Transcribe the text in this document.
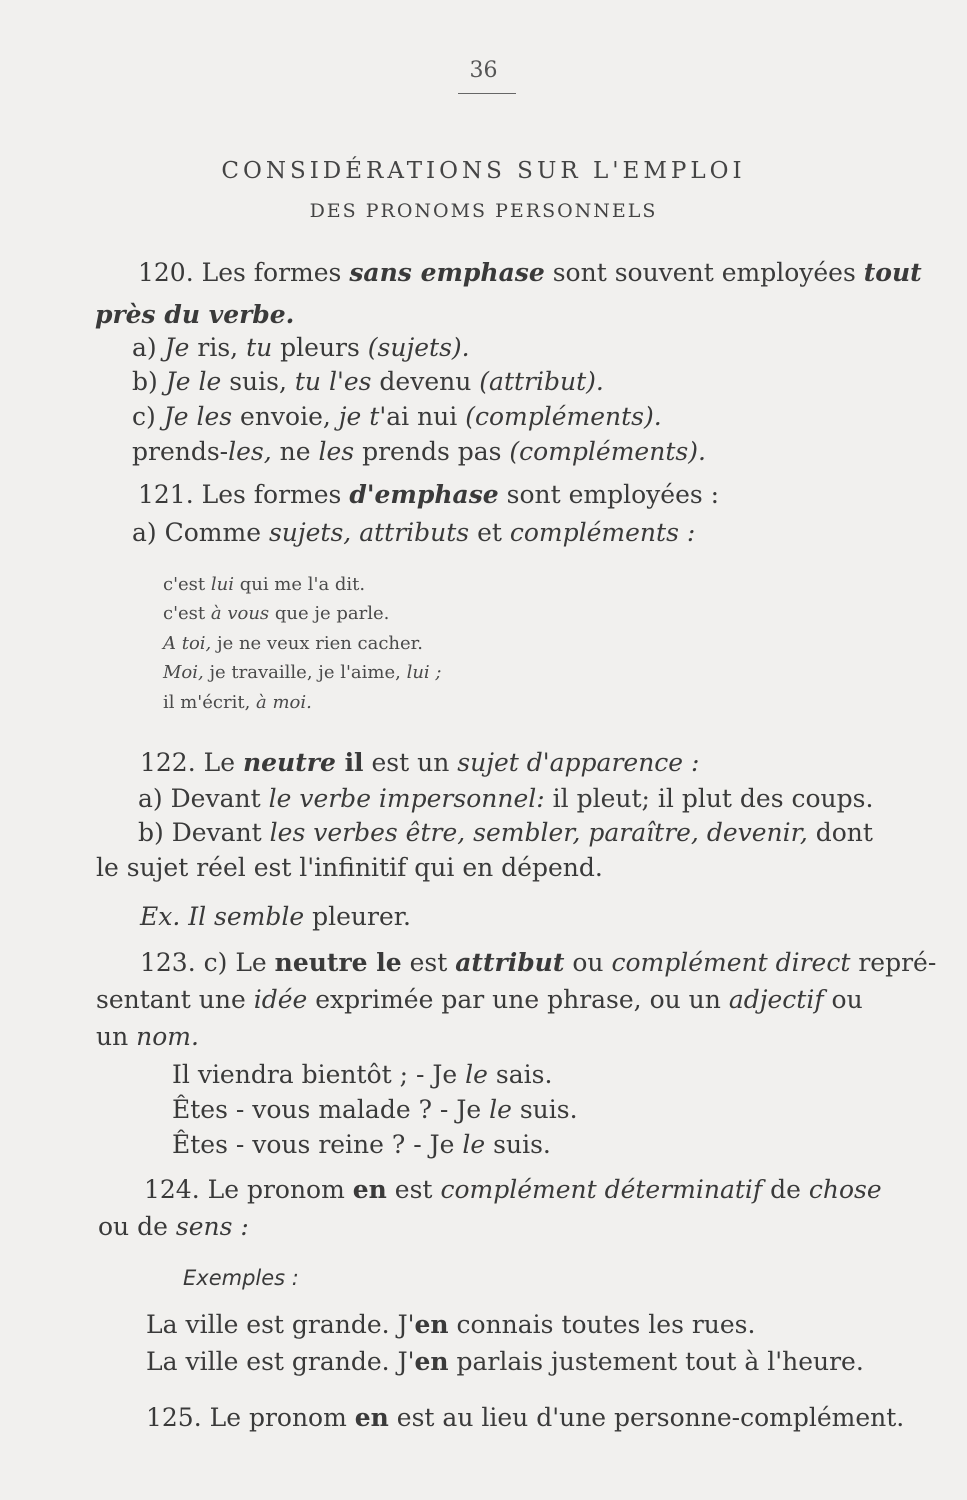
36
CONSIDÉRATIONS SUR L'EMPLOI
DES PRONOMS PERSONNELS
120. Les formes sans emphase sont souvent employées tout
près du verbe.
a) Je ris, tu pleurs (sujets).
b) Je le suis, tu l'es devenu (attribut).
c) Je les envoie, je t'ai nui (compléments).
prends-les, ne les prends pas (compléments).
121. Les formes d'emphase sont employées :
a) Comme sujets, attributs et compléments :
c'est lui qui me l'a dit.
c'est à vous que je parle.
A toi, je ne veux rien cacher.
Moi, je travaille, je l'aime, lui ;
il m'écrit, à moi.
122. Le neutre il est un sujet d'apparence :
a) Devant le verbe impersonnel: il pleut; il plut des coups.
b) Devant les verbes être, sembler, paraître, devenir, dont
le sujet réel est l'infinitif qui en dépend.
Ex. Il semble pleurer.
123. c) Le neutre le est attribut ou complément direct repré-
sentant une idée exprimée par une phrase, ou un adjectif ou
un nom.
Il viendra bientôt ; - Je le sais.
Êtes - vous malade ? - Je le suis.
Êtes - vous reine ? - Je le suis.
124. Le pronom en est complément déterminatif de chose
ou de sens :
Exemples :
La ville est grande. J'en connais toutes les rues.
La ville est grande. J'en parlais justement tout à l'heure.
125. Le pronom en est au lieu d'une personne-complément.
